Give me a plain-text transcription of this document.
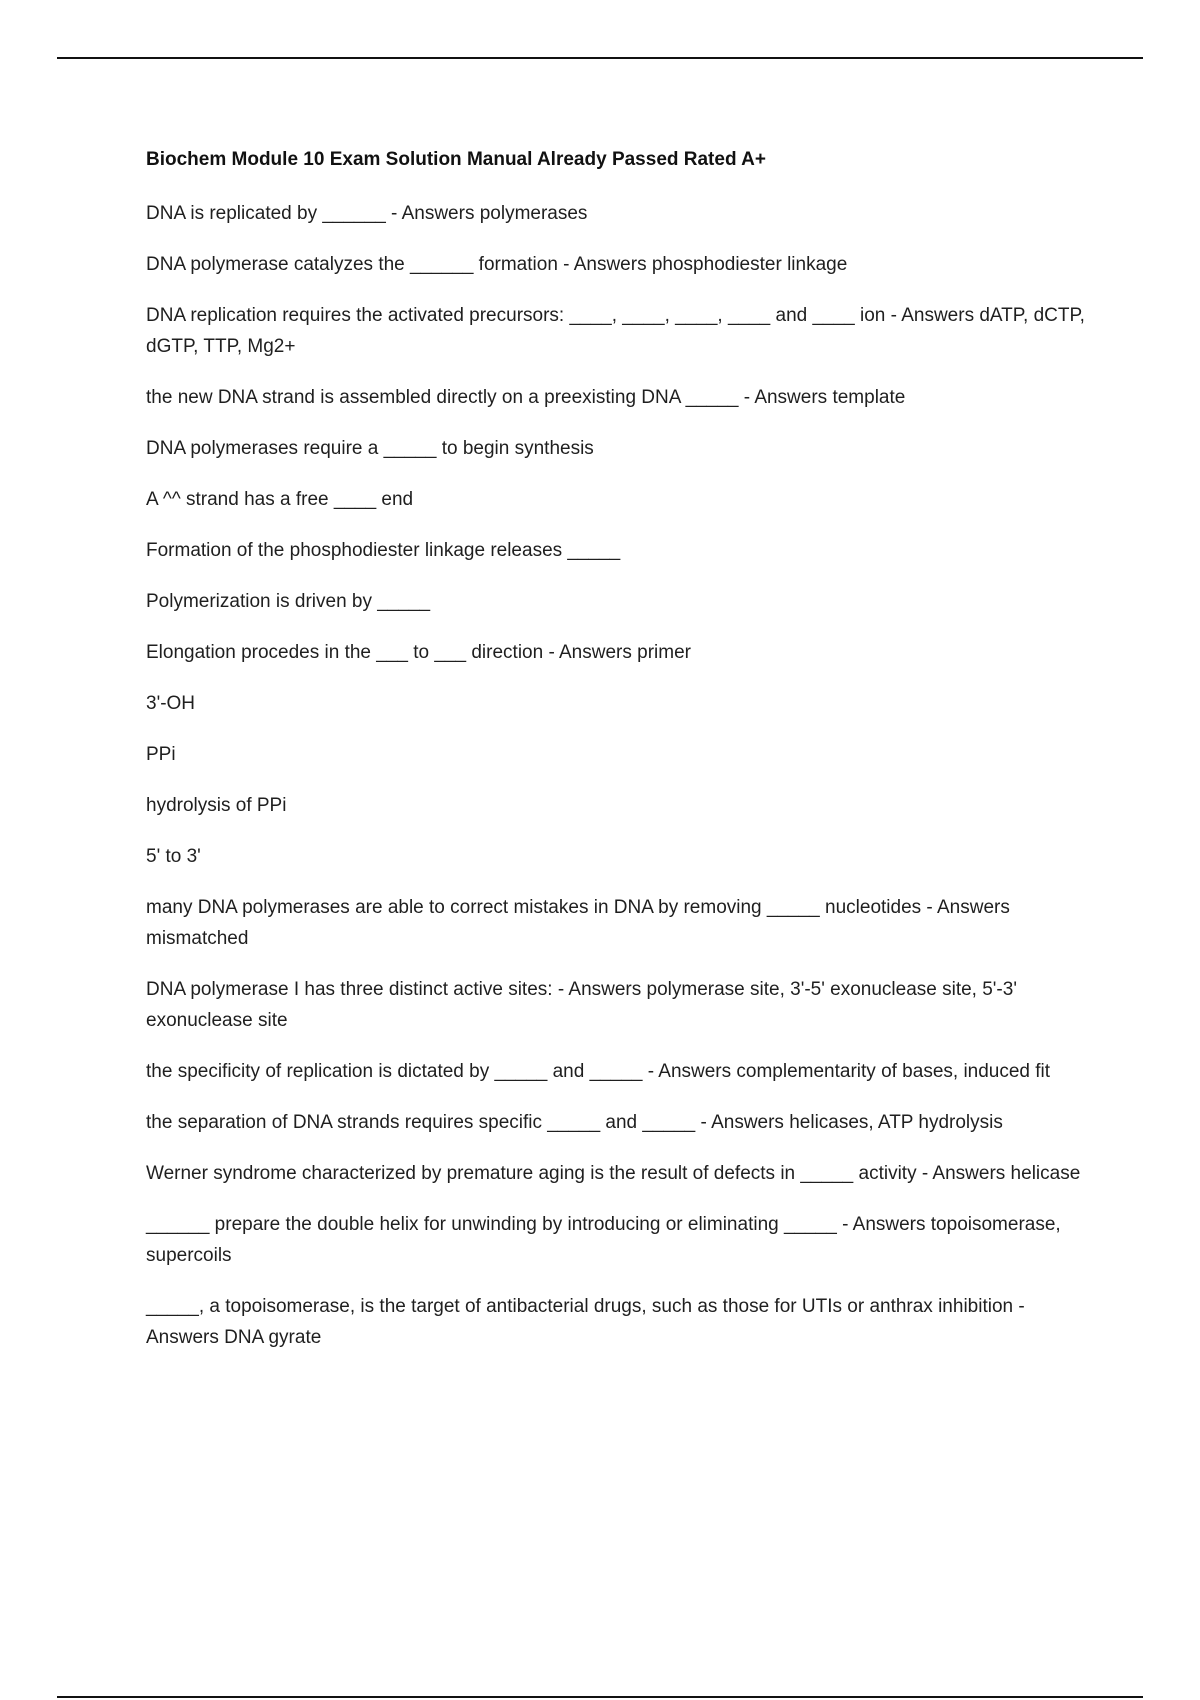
Biochem Module 10 Exam Solution Manual Already Passed Rated A+
DNA is replicated by ______ - Answers polymerases
DNA polymerase catalyzes the ______ formation - Answers phosphodiester linkage
DNA replication requires the activated precursors: ____, ____, ____, ____ and ____ ion - Answers dATP, dCTP, dGTP, TTP, Mg2+
the new DNA strand is assembled directly on a preexisting DNA _____ - Answers template
DNA polymerases require a _____ to begin synthesis
A ^^ strand has a free ____ end
Formation of the phosphodiester linkage releases _____
Polymerization is driven by _____
Elongation procedes in the ___ to ___ direction - Answers primer
3'-OH
PPi
hydrolysis of PPi
5' to 3'
many DNA polymerases are able to correct mistakes in DNA by removing _____ nucleotides - Answers mismatched
DNA polymerase I has three distinct active sites: - Answers polymerase site, 3'-5' exonuclease site, 5'-3' exonuclease site
the specificity of replication is dictated by _____ and _____ - Answers complementarity of bases, induced fit
the separation of DNA strands requires specific _____ and _____ - Answers helicases, ATP hydrolysis
Werner syndrome characterized by premature aging is the result of defects in _____ activity - Answers helicase
______ prepare the double helix for unwinding by introducing or eliminating _____ - Answers topoisomerase, supercoils
_____, a topoisomerase, is the target of antibacterial drugs, such as those for UTIs or anthrax inhibition - Answers DNA gyrate
